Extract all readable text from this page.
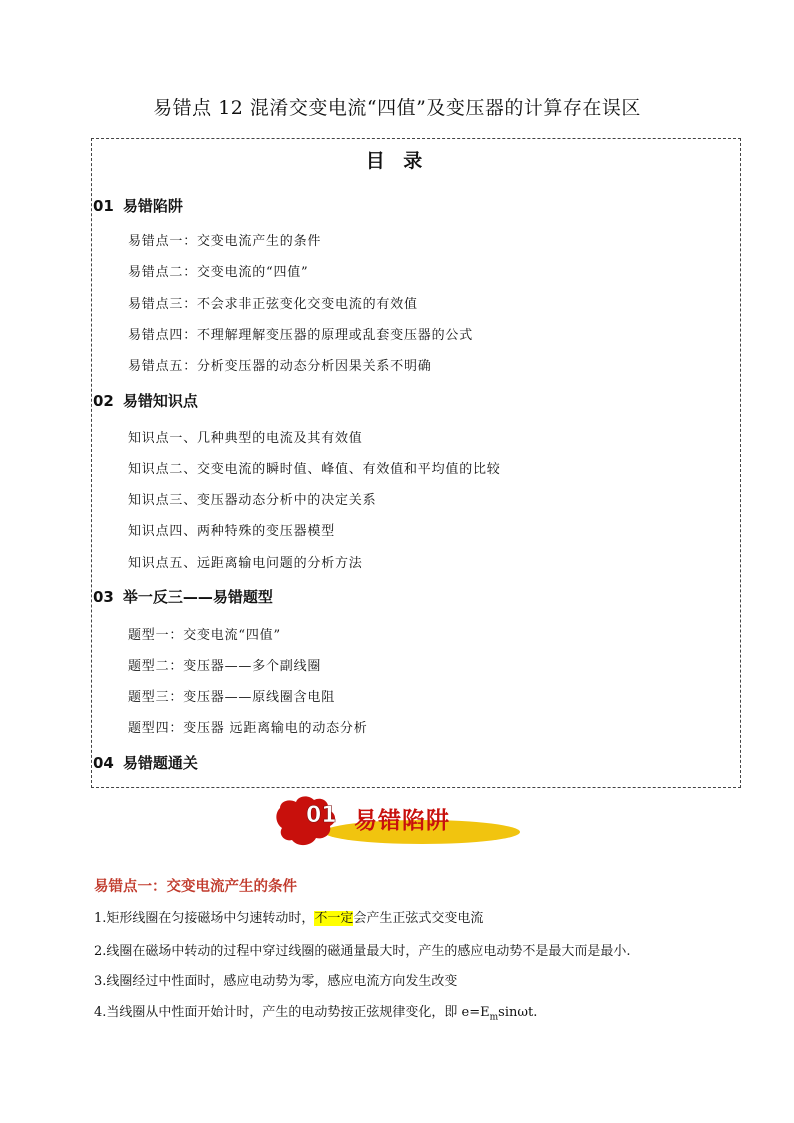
易错点 12 混淆交变电流“四值”及变压器的计算存在误区
目 录
01 易错陷阱
易错点一：交变电流产生的条件
易错点二：交变电流的“四值”
易错点三：不会求非正弦变化交变电流的有效值
易错点四：不理解理解变压器的原理或乱套变压器的公式
易错点五：分析变压器的动态分析因果关系不明确
02 易错知识点
知识点一、几种典型的电流及其有效值
知识点二、交变电流的瞬时值、峰值、有效值和平均值的比较
知识点三、变压器动态分析中的决定关系
知识点四、两种特殊的变压器模型
知识点五、远距离输电问题的分析方法
03 举一反三——易错题型
题型一：交变电流“四值”
题型二：变压器——多个副线圈
题型三：变压器——原线圈含电阻
题型四：变压器 远距离输电的动态分析
04 易错题通关
01 易错陷阱
易错点一：交变电流产生的条件
1.矩形线圈在匀接磁场中匀速转动时，不一定会产生正弦式交变电流
2.线圈在磁场中转动的过程中穿过线圈的磁通量最大时，产生的感应电动势不是最大而是最小.
3.线圈经过中性面时，感应电动势为零，感应电流方向发生改变
4.当线圈从中性面开始计时，产生的电动势按正弦规律变化，即 $e=E_m\sin\omega t$.
